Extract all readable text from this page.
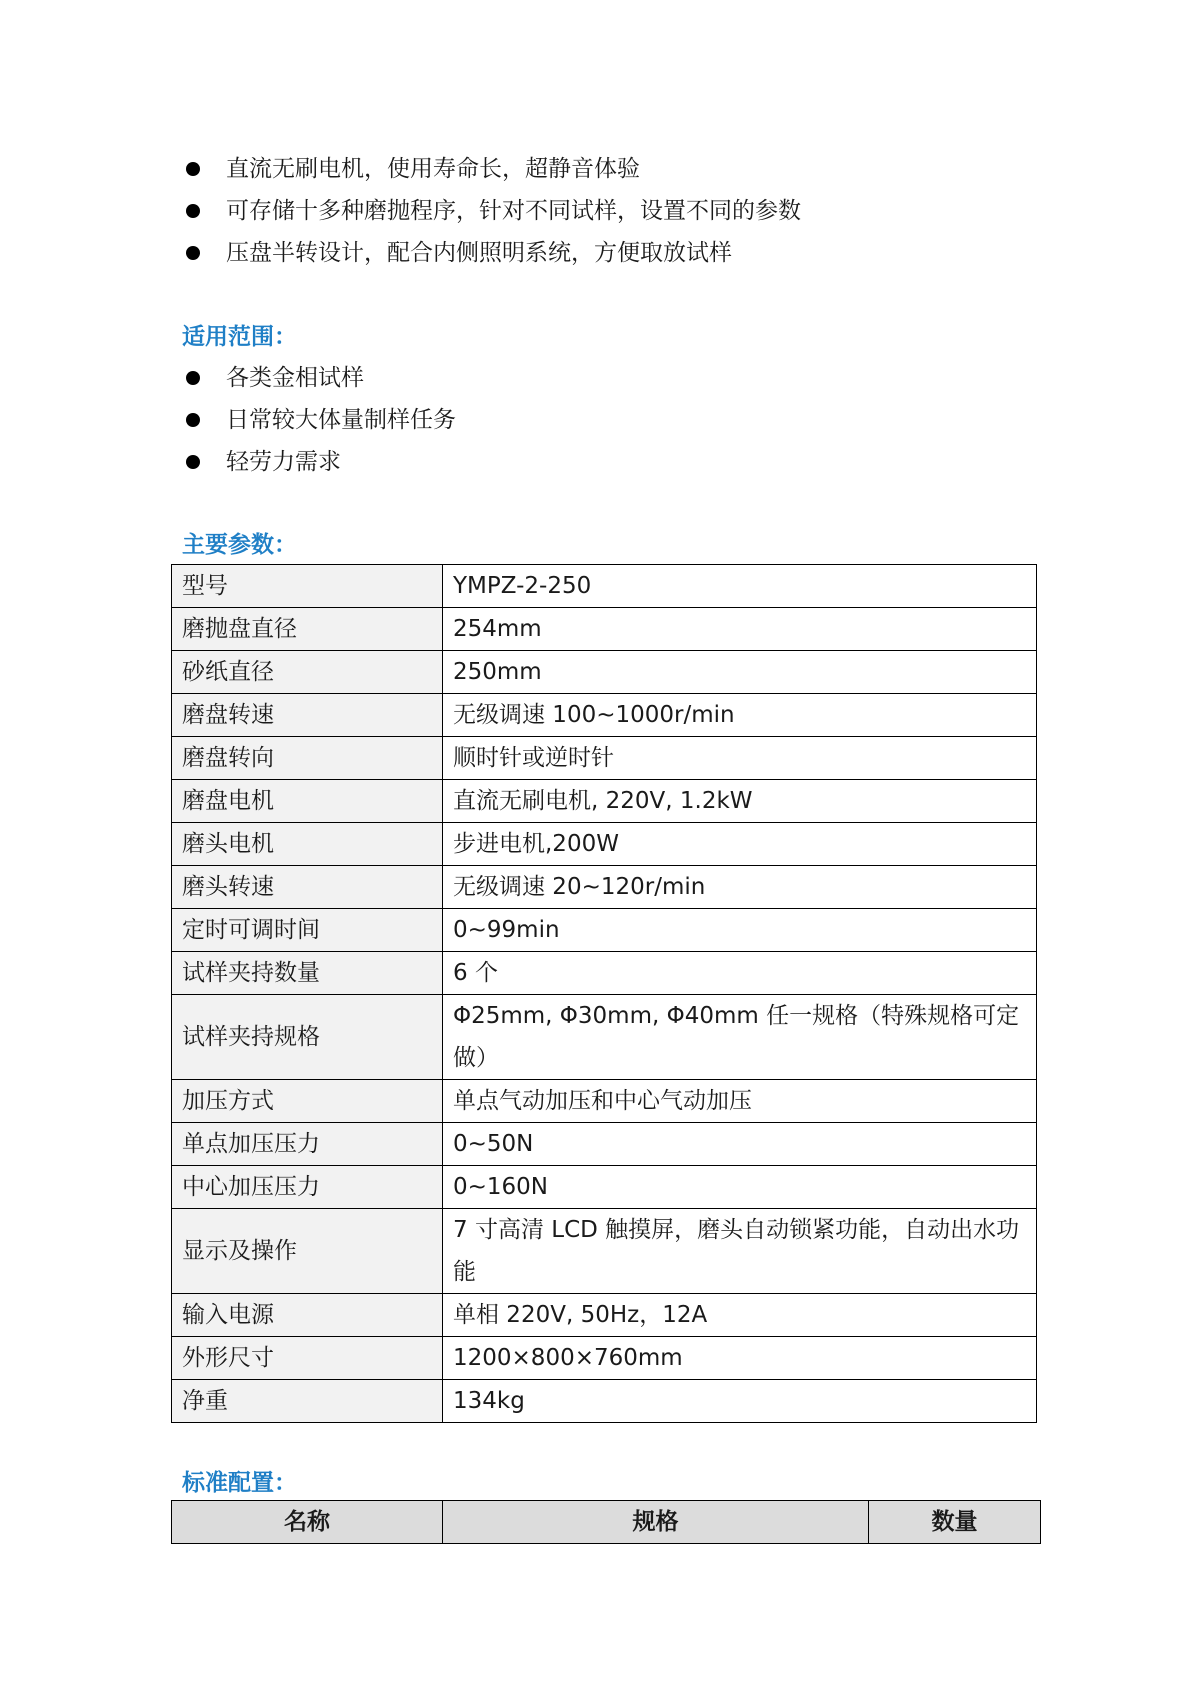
直流无刷电机，使用寿命长，超静音体验
可存储十多种磨抛程序，针对不同试样，设置不同的参数
压盘半转设计，配合内侧照明系统，方便取放试样
适用范围：
各类金相试样
日常较大体量制样任务
轻劳力需求
主要参数：
型号	YMPZ-2-250
磨抛盘直径	254mm
砂纸直径	250mm
磨盘转速	无级调速 100~1000r/min
磨盘转向	顺时针或逆时针
磨盘电机	直流无刷电机, 220V, 1.2kW
磨头电机	步进电机,200W
磨头转速	无级调速 20~120r/min
定时可调时间	0~99min
试样夹持数量	6 个
试样夹持规格	Φ25mm, Φ30mm, Φ40mm 任一规格（特殊规格可定做）
加压方式	单点气动加压和中心气动加压
单点加压压力	0~50N
中心加压压力	0~160N
显示及操作	7 寸高清 LCD 触摸屏，磨头自动锁紧功能，自动出水功能
输入电源	单相 220V, 50Hz，12A
外形尺寸	1200×800×760mm
净重	134kg
标准配置：
名称	规格	数量
